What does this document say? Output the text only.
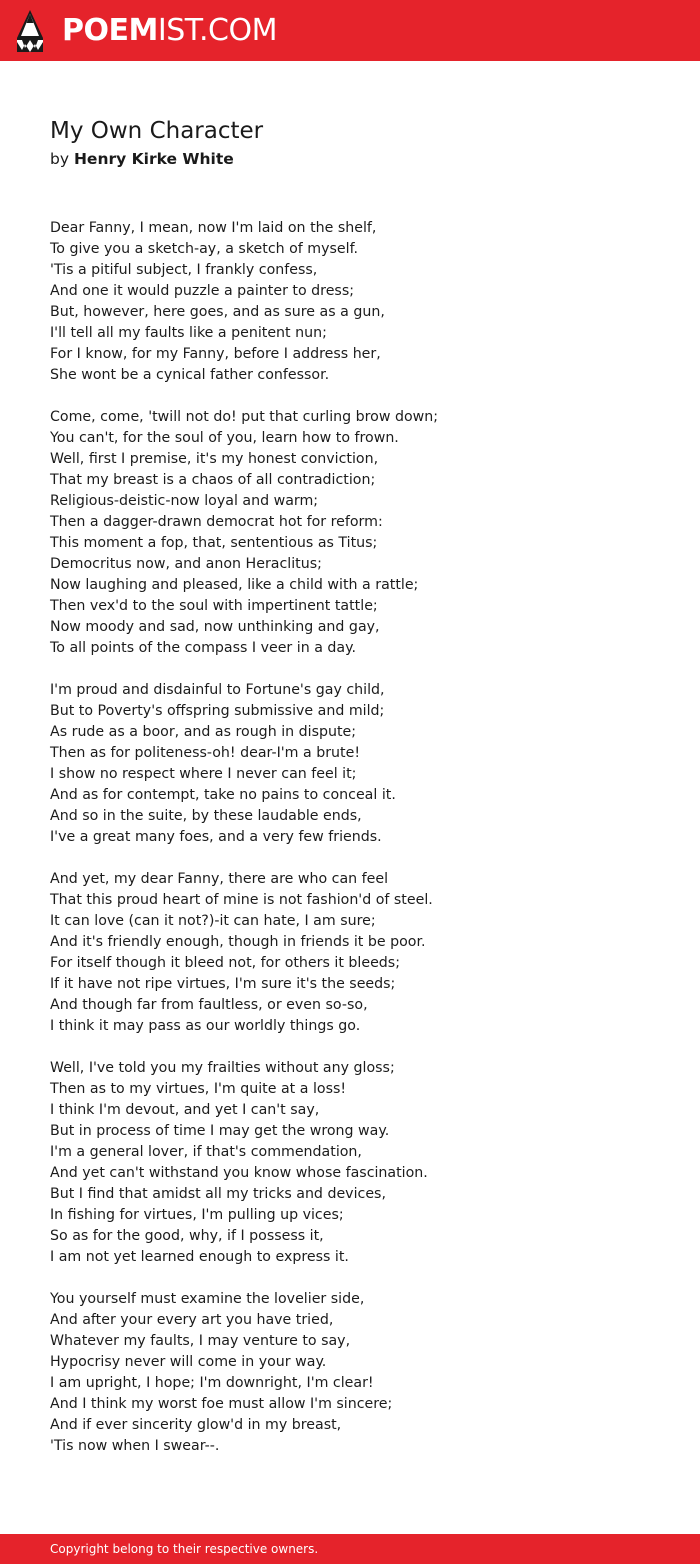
POEMIST.COM
My Own Character
by Henry Kirke White
Dear Fanny, I mean, now I'm laid on the shelf,
To give you a sketch-ay, a sketch of myself.
'Tis a pitiful subject, I frankly confess,
And one it would puzzle a painter to dress;
But, however, here goes, and as sure as a gun,
I'll tell all my faults like a penitent nun;
For I know, for my Fanny, before I address her,
She wont be a cynical father confessor.
Come, come, 'twill not do! put that curling brow down;
You can't, for the soul of you, learn how to frown.
Well, first I premise, it's my honest conviction,
That my breast is a chaos of all contradiction;
Religious-deistic-now loyal and warm;
Then a dagger-drawn democrat hot for reform:
This moment a fop, that, sententious as Titus;
Democritus now, and anon Heraclitus;
Now laughing and pleased, like a child with a rattle;
Then vex'd to the soul with impertinent tattle;
Now moody and sad, now unthinking and gay,
To all points of the compass I veer in a day.
I'm proud and disdainful to Fortune's gay child,
But to Poverty's offspring submissive and mild;
As rude as a boor, and as rough in dispute;
Then as for politeness-oh! dear-I'm a brute!
I show no respect where I never can feel it;
And as for contempt, take no pains to conceal it.
And so in the suite, by these laudable ends,
I've a great many foes, and a very few friends.
And yet, my dear Fanny, there are who can feel
That this proud heart of mine is not fashion'd of steel.
It can love (can it not?)-it can hate, I am sure;
And it's friendly enough, though in friends it be poor.
For itself though it bleed not, for others it bleeds;
If it have not ripe virtues, I'm sure it's the seeds;
And though far from faultless, or even so-so,
I think it may pass as our worldly things go.
Well, I've told you my frailties without any gloss;
Then as to my virtues, I'm quite at a loss!
I think I'm devout, and yet I can't say,
But in process of time I may get the wrong way.
I'm a general lover, if that's commendation,
And yet can't withstand you know whose fascination.
But I find that amidst all my tricks and devices,
In fishing for virtues, I'm pulling up vices;
So as for the good, why, if I possess it,
I am not yet learned enough to express it.
You yourself must examine the lovelier side,
And after your every art you have tried,
Whatever my faults, I may venture to say,
Hypocrisy never will come in your way.
I am upright, I hope; I'm downright, I'm clear!
And I think my worst foe must allow I'm sincere;
And if ever sincerity glow'd in my breast,
'Tis now when I swear--.
Copyright belong to their respective owners.
